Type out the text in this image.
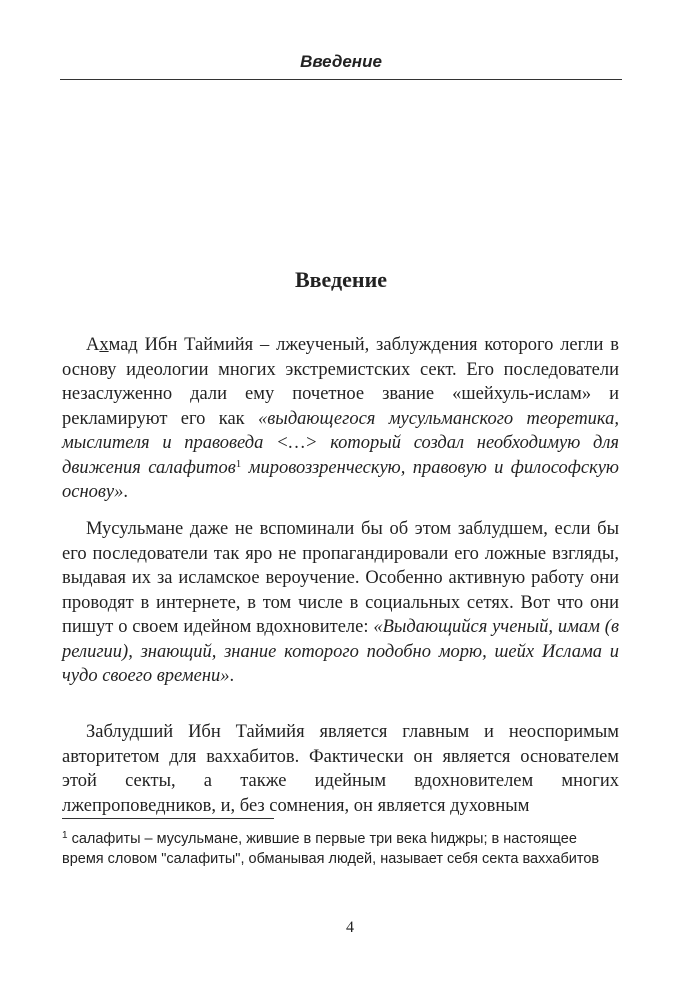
Введение
Введение

Ахмад Ибн Таймийя – лжеученый, заблуждения которого легли в основу идеологии многих экстремистских сект. Его последователи незаслуженно дали ему почетное звание «шейхуль-ислам» и рекламируют его как «выдающегося мусульманского теоретика, мыслителя и правоведа <…> который создал необходимую для движения салафитов$^1$ мировоззренческую, правовую и философскую основу».

Мусульмане даже не вспоминали бы об этом заблудшем, если бы его последователи так яро не пропагандировали его ложные взгляды, выдавая их за исламское вероучение. Особенно активную работу они проводят в интернете, в том числе в социальных сетях. Вот что они пишут о своем идейном вдохновителе: «Выдающийся ученый, имам (в религии), знающий, знание которого подобно морю, шейх Ислама и чудо своего времени».

Заблудший Ибн Таймийя является главным и неоспоримым авторитетом для ваххабитов. Фактически он является основателем этой секты, а также идейным вдохновителем многих лжепроповедников, и, без сомнения, он является духовным

$^1$ салафиты – мусульмане, жившие в первые три века hиджры; в настоящее время словом "салафиты", обманывая людей, называет себя секта ваххабитов

4
